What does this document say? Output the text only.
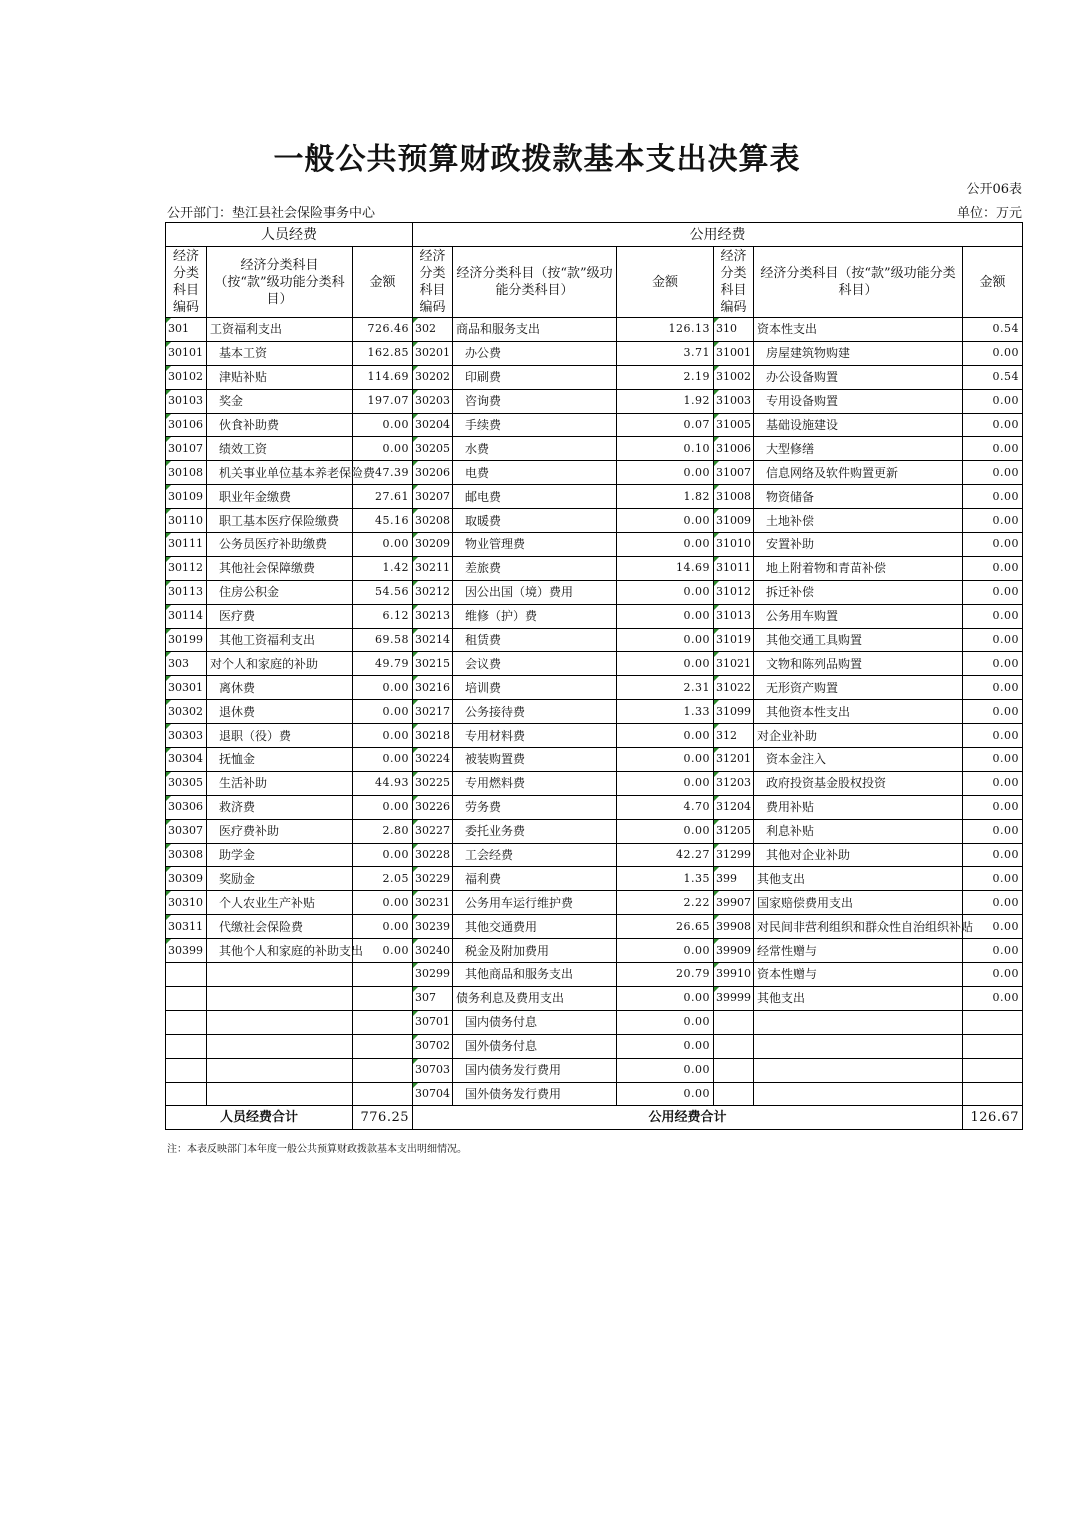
一般公共预算财政拨款基本支出决算表
公开06表
公开部门：垫江县社会保险事务中心	单位：万元
人员经费			公用经费					
经济分类科目编码	经济分类科目（按“款”级功能分类科目）	金额	经济分类科目编码	经济分类科目（按“款”级功能分类科目）	金额	经济分类科目编码	经济分类科目（按“款”级功能分类科目）	金额
301	工资福利支出	726.46	302	商品和服务支出	126.13	310	资本性支出	0.54
30101	基本工资	162.85	30201	办公费	3.71	31001	房屋建筑物购建	0.00
30102	津贴补贴	114.69	30202	印刷费	2.19	31002	办公设备购置	0.54
30103	奖金	197.07	30203	咨询费	1.92	31003	专用设备购置	0.00
30106	伙食补助费	0.00	30204	手续费	0.07	31005	基础设施建设	0.00
30107	绩效工资	0.00	30205	水费	0.10	31006	大型修缮	0.00
30108	机关事业单位基本养老保险费	47.39	30206	电费	0.00	31007	信息网络及软件购置更新	0.00
30109	职业年金缴费	27.61	30207	邮电费	1.82	31008	物资储备	0.00
30110	职工基本医疗保险缴费	45.16	30208	取暖费	0.00	31009	土地补偿	0.00
30111	公务员医疗补助缴费	0.00	30209	物业管理费	0.00	31010	安置补助	0.00
30112	其他社会保障缴费	1.42	30211	差旅费	14.69	31011	地上附着物和青苗补偿	0.00
30113	住房公积金	54.56	30212	因公出国（境）费用	0.00	31012	拆迁补偿	0.00
30114	医疗费	6.12	30213	维修（护）费	0.00	31013	公务用车购置	0.00
30199	其他工资福利支出	69.58	30214	租赁费	0.00	31019	其他交通工具购置	0.00
303	对个人和家庭的补助	49.79	30215	会议费	0.00	31021	文物和陈列品购置	0.00
30301	离休费	0.00	30216	培训费	2.31	31022	无形资产购置	0.00
30302	退休费	0.00	30217	公务接待费	1.33	31099	其他资本性支出	0.00
30303	退职（役）费	0.00	30218	专用材料费	0.00	312	对企业补助	0.00
30304	抚恤金	0.00	30224	被装购置费	0.00	31201	资本金注入	0.00
30305	生活补助	44.93	30225	专用燃料费	0.00	31203	政府投资基金股权投资	0.00
30306	救济费	0.00	30226	劳务费	4.70	31204	费用补贴	0.00
30307	医疗费补助	2.80	30227	委托业务费	0.00	31205	利息补贴	0.00
30308	助学金	0.00	30228	工会经费	42.27	31299	其他对企业补助	0.00
30309	奖励金	2.05	30229	福利费	1.35	399	其他支出	0.00
30310	个人农业生产补贴	0.00	30231	公务用车运行维护费	2.22	39907	国家赔偿费用支出	0.00
30311	代缴社会保险费	0.00	30239	其他交通费用	26.65	39908	对民间非营利组织和群众性自治组织补贴	0.00
30399	其他个人和家庭的补助支出	0.00	30240	税金及附加费用	0.00	39909	经常性赠与	0.00
			30299	其他商品和服务支出	20.79	39910	资本性赠与	0.00
			307	债务利息及费用支出	0.00	39999	其他支出	0.00
			30701	国内债务付息	0.00			
			30702	国外债务付息	0.00			
			30703	国内债务发行费用	0.00			
			30704	国外债务发行费用	0.00			
人员经费合计		776.25	公用经费合计					126.67
注：本表反映部门本年度一般公共预算财政拨款基本支出明细情况。
